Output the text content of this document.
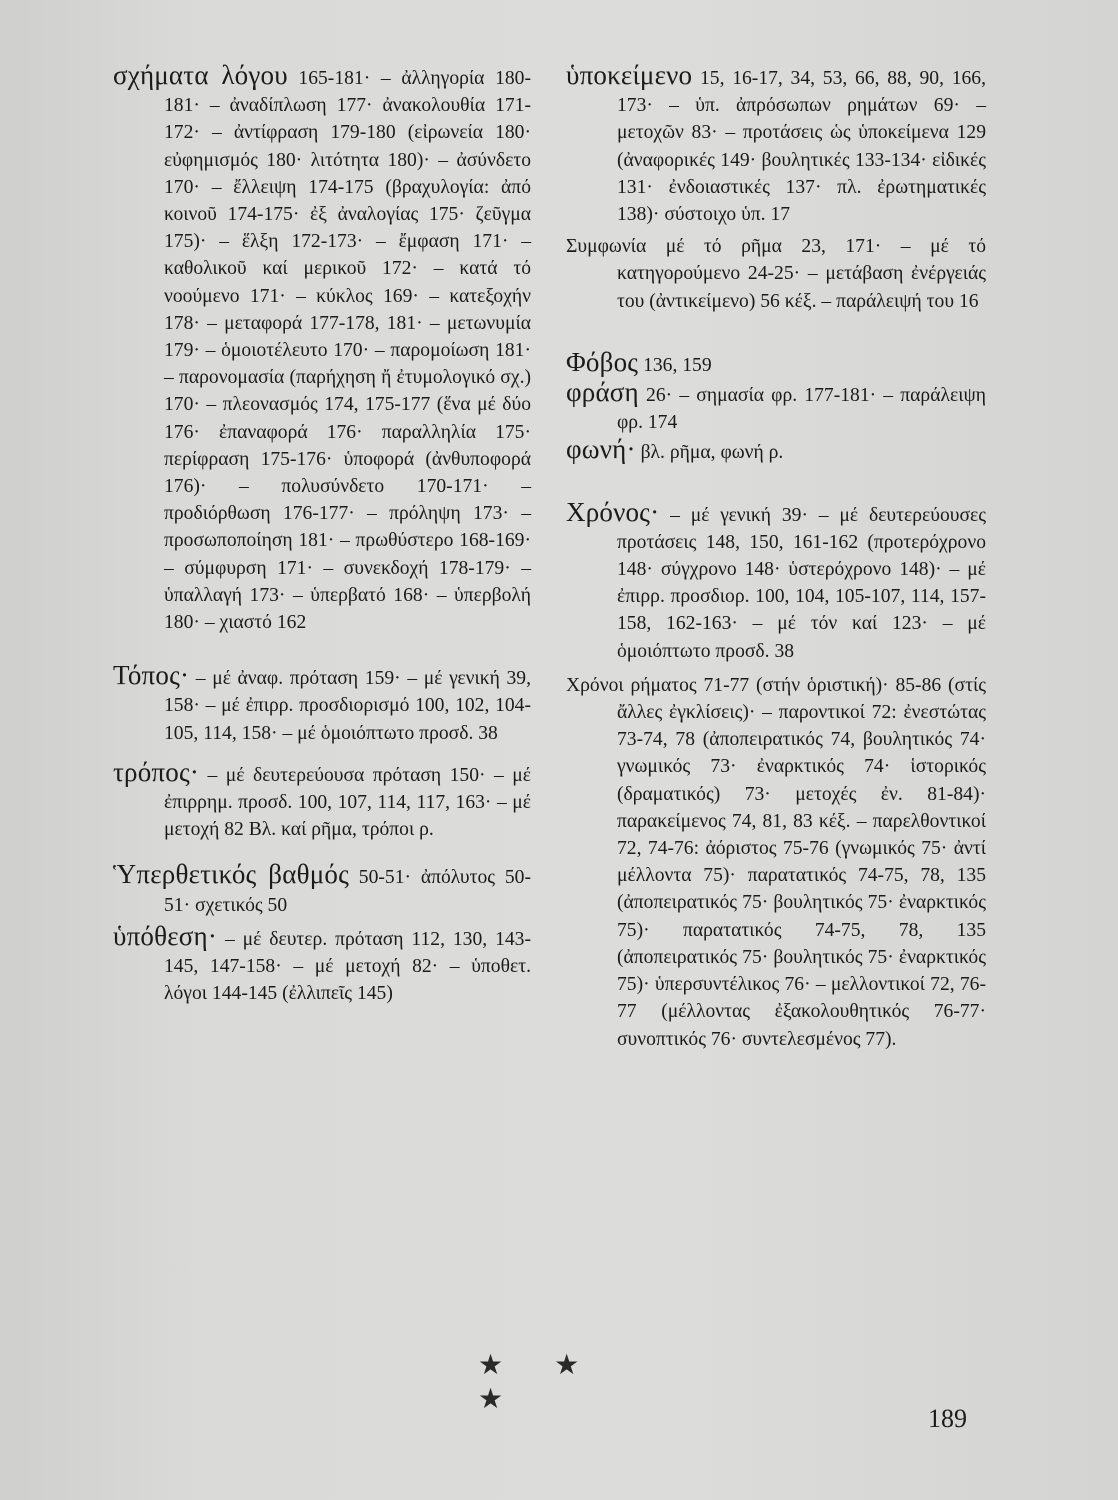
σχήματα λόγου 165-181· – ἀλληγορία 180-181· – ἀναδίπλωση 177· ἀνακολουθία 171-172· – ἀντίφραση 179-180 (εἰρωνεία 180· εὐφημισμός 180· λιτότητα 180)· – ἀσύνδετο 170· – ἔλλειψη 174-175 (βραχυλογία: ἀπό κοινοῦ 174-175· ἐξ ἀναλογίας 175· ζεῦγμα 175)· – ἕλξη 172-173· – ἔμφαση 171· – καθολικοῦ καί μερικοῦ 172· – κατά τό νοούμενο 171· – κύκλος 169· – κατεξοχήν 178· – μεταφορά 177-178, 181· – μετωνυμία 179· – ὁμοιοτέλευτο 170· – παρομοίωση 181· – παρονομασία (παρήχηση ἤ ἐτυμολογικό σχ.) 170· – πλεονασμός 174, 175-177 (ἕνα μέ δύο 176· ἐπαναφορά 176· παραλληλία 175· περίφραση 175-176· ὑποφορά (ἀνθυποφορά 176)· – πολυσύνδετο 170-171· – προδιόρθωση 176-177· – πρόληψη 173· – προσωποποίηση 181· – πρωθύστερο 168-169· – σύμφυρση 171· – συνεκδοχή 178-179· – ὑπαλλαγή 173· – ὑπερβατό 168· – ὑπερβολή 180· – χιαστό 162

Τόπος· – μέ ἀναφ. πρόταση 159· – μέ γενική 39, 158· – μέ ἐπιρρ. προσδιορισμό 100, 102, 104-105, 114, 158· – μέ ὁμοιόπτωτο προσδ. 38

τρόπος· – μέ δευτερεύουσα πρόταση 150· – μέ ἐπιρρημ. προσδ. 100, 107, 114, 117, 163· – μέ μετοχή 82 Βλ. καί ρῆμα, τρόποι ρ.

Ὑπερθετικός βαθμός 50-51· ἀπόλυτος 50-51· σχετικός 50

ὑπόθεση· – μέ δευτερ. πρόταση 112, 130, 143-145, 147-158· – μέ μετοχή 82· – ὑποθετ. λόγοι 144-145 (ἐλλιπεῖς 145)

ὑποκείμενο 15, 16-17, 34, 53, 66, 88, 90, 166, 173· – ὑπ. ἀπρόσωπων ρημάτων 69· – μετοχῶν 83· – προτάσεις ὡς ὑποκείμενα 129 (ἀναφορικές 149· βουλητικές 133-134· εἰδικές 131· ἐνδοιαστικές 137· πλ. ἐρωτηματικές 138)· σύστοιχο ὑπ. 17

Συμφωνία μέ τό ρῆμα 23, 171· – μέ τό κατηγορούμενο 24-25· – μετάβαση ἐνέργειάς του (ἀντικείμενο) 56 κέξ. – παράλειψή του 16

Φόβος 136, 159

φράση 26· – σημασία φρ. 177-181· – παράλειψη φρ. 174

φωνή· βλ. ρῆμα, φωνή ρ.

Χρόνος· – μέ γενική 39· – μέ δευτερεύουσες προτάσεις 148, 150, 161-162 (προτερόχρονο 148· σύγχρονο 148· ὑστερόχρονο 148)· – μέ ἐπιρρ. προσδιορ. 100, 104, 105-107, 114, 157-158, 162-163· – μέ τόν καί 123· – μέ ὁμοιόπτωτο προσδ. 38

Χρόνοι ρήματος 71-77 (στήν ὁριστική)· 85-86 (στίς ἄλλες ἐγκλίσεις)· – παροντικοί 72: ἐνεστώτας 73-74, 78 (ἀποπειρατικός 74, βουλητικός 74· γνωμικός 73· ἐναρκτικός 74· ἱστορικός (δραματικός) 73· μετοχές ἐν. 81-84)· παρακείμενος 74, 81, 83 κέξ. – παρελθοντικοί 72, 74-76: ἀόριστος 75-76 (γνωμικός 75· ἀντί μέλλοντα 75)· παρατατικός 74-75, 78, 135 (ἀποπειρατικός 75· βουλητικός 75· ἐναρκτικός 75)· παρατατικός 74-75, 78, 135 (ἀποπειρατικός 75· βουλητικός 75· ἐναρκτικός 75)· ὑπερσυντέλικος 76· – μελλοντικοί 72, 76-77 (μέλλοντας ἐξακολουθητικός 76-77· συνοπτικός 76· συντελεσμένος 77).

★ ★ ★
189
